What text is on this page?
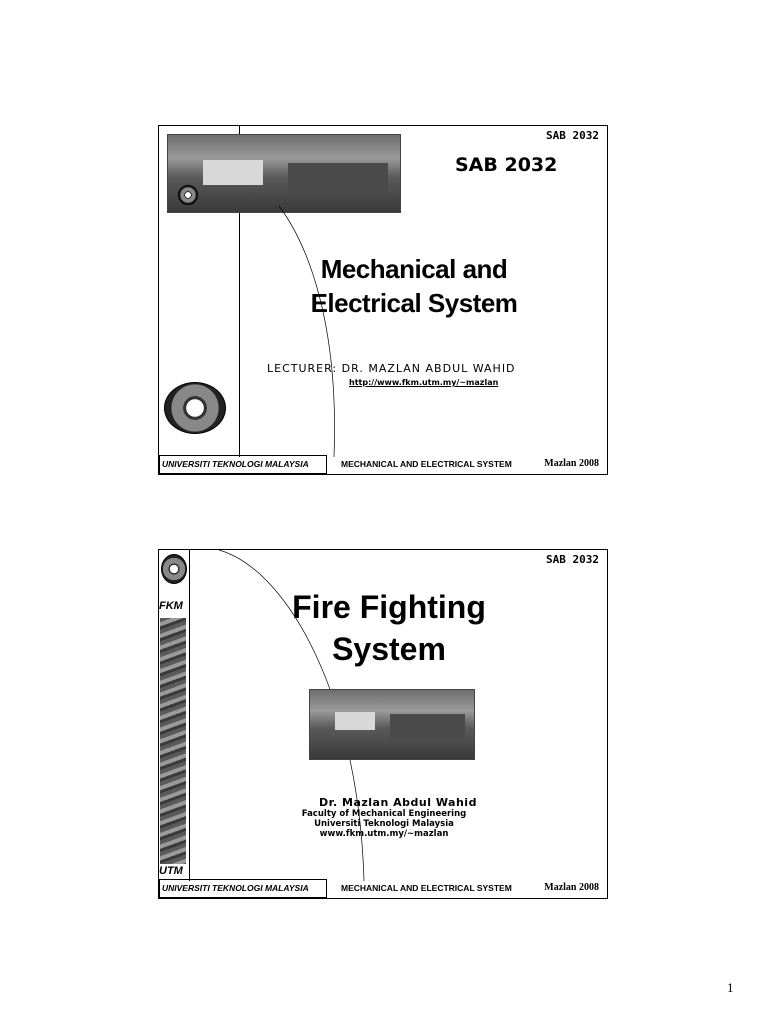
SAB 2032
SAB 2032
Mechanical and
Electrical System
LECTURER: DR. MAZLAN ABDUL WAHID
http://www.fkm.utm.my/~mazlan
UNIVERSITI TEKNOLOGI MALAYSIA	MECHANICAL AND ELECTRICAL SYSTEM	Mazlan 2008
FKM
UTM
SAB 2032
Fire Fighting
System
Dr. Mazlan Abdul Wahid
Faculty of Mechanical Engineering
Universiti Teknologi Malaysia
www.fkm.utm.my/~mazlan
UNIVERSITI TEKNOLOGI MALAYSIA	MECHANICAL AND ELECTRICAL SYSTEM	Mazlan 2008
1
